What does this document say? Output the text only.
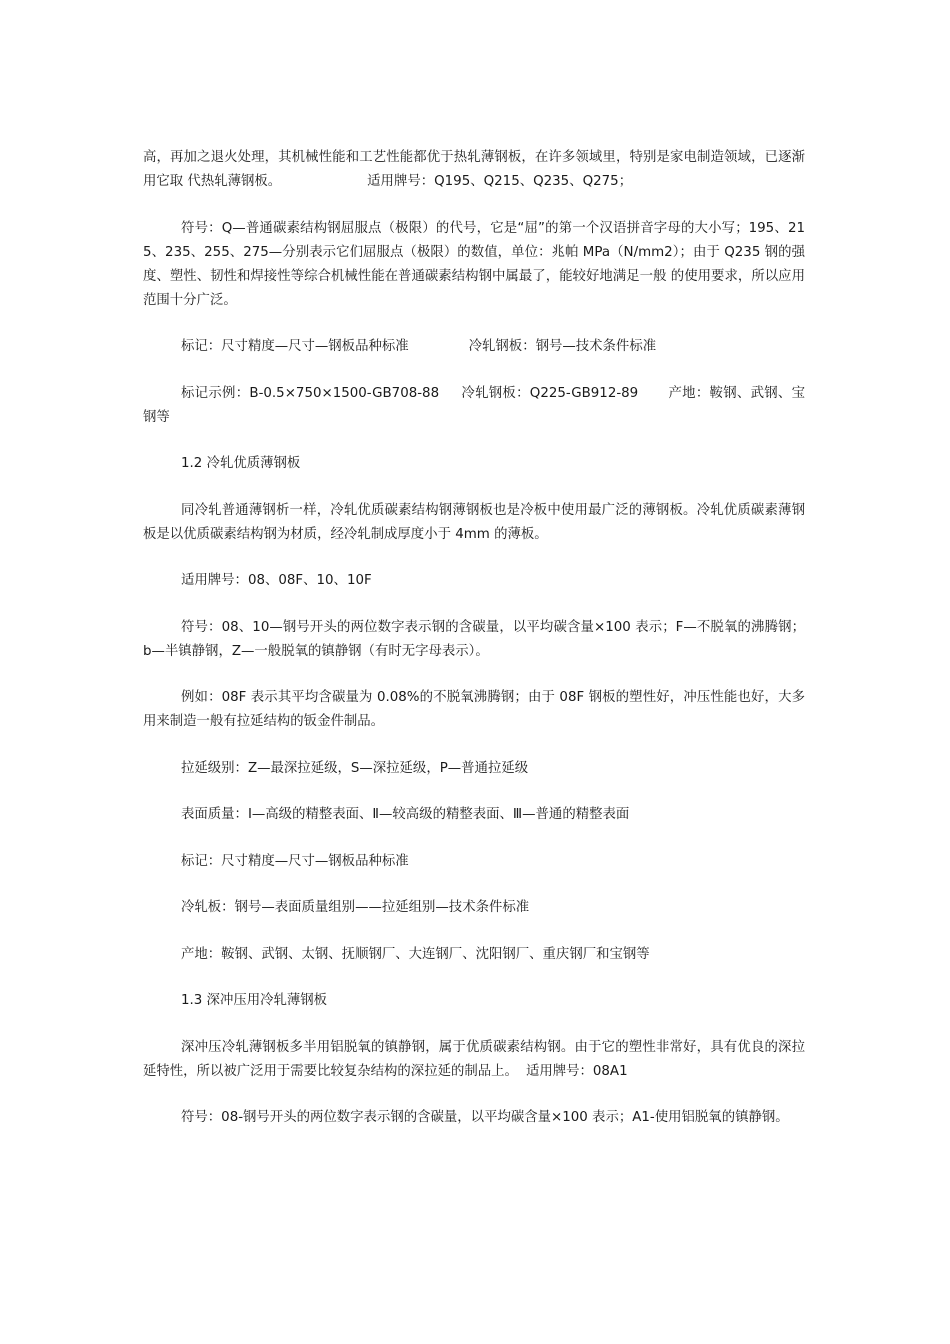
高，再加之退火处理，其机械性能和工艺性能都优于热轧薄钢板，在许多领域里，特别是家电制造领域，已逐渐用它取 代热轧薄钢板。	适用牌号：Q195、Q215、Q235、Q275；

符号：Q—普通碳素结构钢屈服点（极限）的代号，它是“屈”的第一个汉语拼音字母的大小写；195、215、235、255、275—分别表示它们屈服点（极限）的数值，单位：兆帕 MPa（N/mm2）；由于 Q235 钢的强度、塑性、韧性和焊接性等综合机械性能在普通碳素结构钢中属最了，能较好地满足一般 的使用要求，所以应用范围十分广泛。

标记：尺寸精度—尺寸—钢板品种标准	冷轧钢板：钢号—技术条件标准

标记示例：B-0.5×750×1500-GB708-88 冷轧钢板：Q225-GB912-89 产地：鞍钢、武钢、宝钢等

1.2 冷轧优质薄钢板

同冷轧普通薄钢析一样，冷轧优质碳素结构钢薄钢板也是冷板中使用最广泛的薄钢板。冷轧优质碳素薄钢板是以优质碳素结构钢为材质，经冷轧制成厚度小于 4mm 的薄板。

适用牌号：08、08F、10、10F

符号：08、10—钢号开头的两位数字表示钢的含碳量，以平均碳含量×100 表示；F—不脱氧的沸腾钢；b—半镇静钢，Z—一般脱氧的镇静钢（有时无字母表示）。

例如：08F 表示其平均含碳量为 0.08%的不脱氧沸腾钢；由于 08F 钢板的塑性好，冲压性能也好，大多用来制造一般有拉延结构的钣金件制品。

拉延级别：Z—最深拉延级，S—深拉延级，P—普通拉延级

表面质量：Ⅰ—高级的精整表面、Ⅱ—较高级的精整表面、Ⅲ—普通的精整表面

标记：尺寸精度—尺寸—钢板品种标准

冷轧板：钢号—表面质量组别——拉延组别—技术条件标准

产地：鞍钢、武钢、太钢、抚顺钢厂、大连钢厂、沈阳钢厂、重庆钢厂和宝钢等

1.3 深冲压用冷轧薄钢板

深冲压冷轧薄钢板多半用铝脱氧的镇静钢，属于优质碳素结构钢。由于它的塑性非常好，具有优良的深拉延特性，所以被广泛用于需要比较复杂结构的深拉延的制品上。 适用牌号：08A1

符号：08-钢号开头的两位数字表示钢的含碳量，以平均碳含量×100 表示；A1-使用铝脱氧的镇静钢。
